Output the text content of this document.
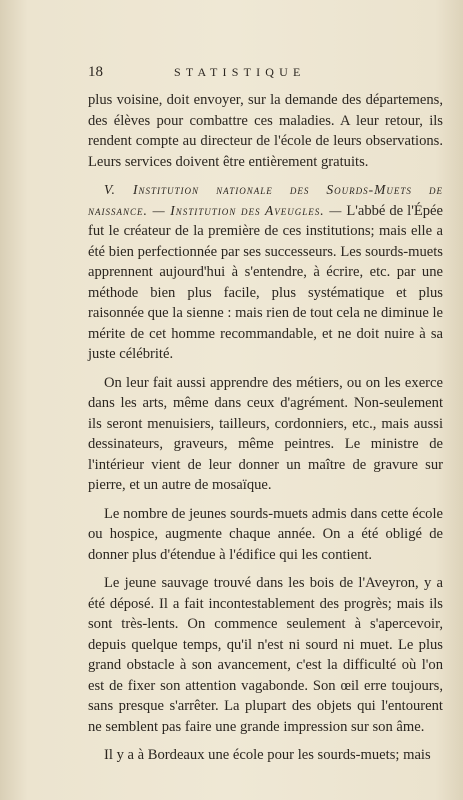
18	STATISTIQUE

plus voisine, doit envoyer, sur la demande des départemens, des élèves pour combattre ces maladies. A leur retour, ils rendent compte au directeur de l'école de leurs observations. Leurs services doivent être entièrement gratuits.

V. Institution nationale des Sourds-Muets de naissance. — Institution des Aveugles. — L'abbé de l'Épée fut le créateur de la première de ces institutions; mais elle a été bien perfectionnée par ses successeurs. Les sourds-muets apprennent aujourd'hui à s'entendre, à écrire, etc. par une méthode bien plus facile, plus systématique et plus raisonnée que la sienne : mais rien de tout cela ne diminue le mérite de cet homme recommandable, et ne doit nuire à sa juste célébrité.

On leur fait aussi apprendre des métiers, ou on les exerce dans les arts, même dans ceux d'agrément. Non-seulement ils seront menuisiers, tailleurs, cordonniers, etc., mais aussi dessinateurs, graveurs, même peintres. Le ministre de l'intérieur vient de leur donner un maître de gravure sur pierre, et un autre de mosaïque.

Le nombre de jeunes sourds-muets admis dans cette école ou hospice, augmente chaque année. On a été obligé de donner plus d'étendue à l'édifice qui les contient.

Le jeune sauvage trouvé dans les bois de l'Aveyron, y a été déposé. Il a fait incontestablement des progrès; mais ils sont très-lents. On commence seulement à s'apercevoir, depuis quelque temps, qu'il n'est ni sourd ni muet. Le plus grand obstacle à son avancement, c'est la difficulté où l'on est de fixer son attention vagabonde. Son œil erre toujours, sans presque s'arrêter. La plupart des objets qui l'entourent ne semblent pas faire une grande impression sur son âme.

Il y a à Bordeaux une école pour les sourds-muets; mais
